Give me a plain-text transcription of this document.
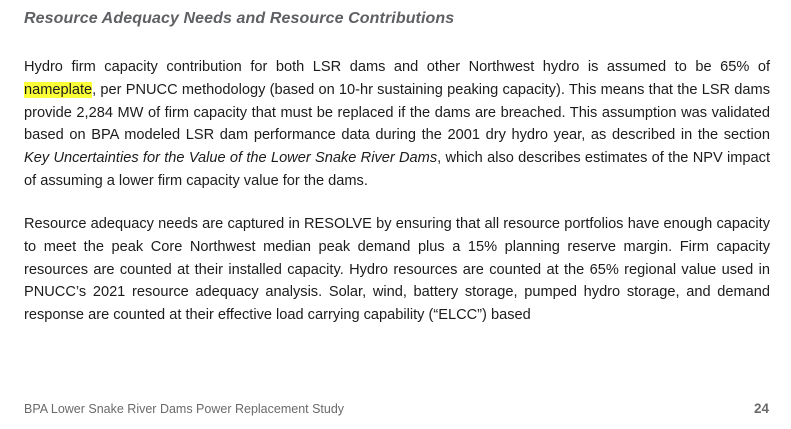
Resource Adequacy Needs and Resource Contributions

Hydro firm capacity contribution for both LSR dams and other Northwest hydro is assumed to be 65% of nameplate, per PNUCC methodology (based on 10-hr sustaining peaking capacity). This means that the LSR dams provide 2,284 MW of firm capacity that must be replaced if the dams are breached. This assumption was validated based on BPA modeled LSR dam performance data during the 2001 dry hydro year, as described in the section Key Uncertainties for the Value of the Lower Snake River Dams, which also describes estimates of the NPV impact of assuming a lower firm capacity value for the dams.

Resource adequacy needs are captured in RESOLVE by ensuring that all resource portfolios have enough capacity to meet the peak Core Northwest median peak demand plus a 15% planning reserve margin. Firm capacity resources are counted at their installed capacity. Hydro resources are counted at the 65% regional value used in PNUCC’s 2021 resource adequacy analysis. Solar, wind, battery storage, pumped hydro storage, and demand response are counted at their effective load carrying capability (“ELCC”) based

BPA Lower Snake River Dams Power Replacement Study	24
